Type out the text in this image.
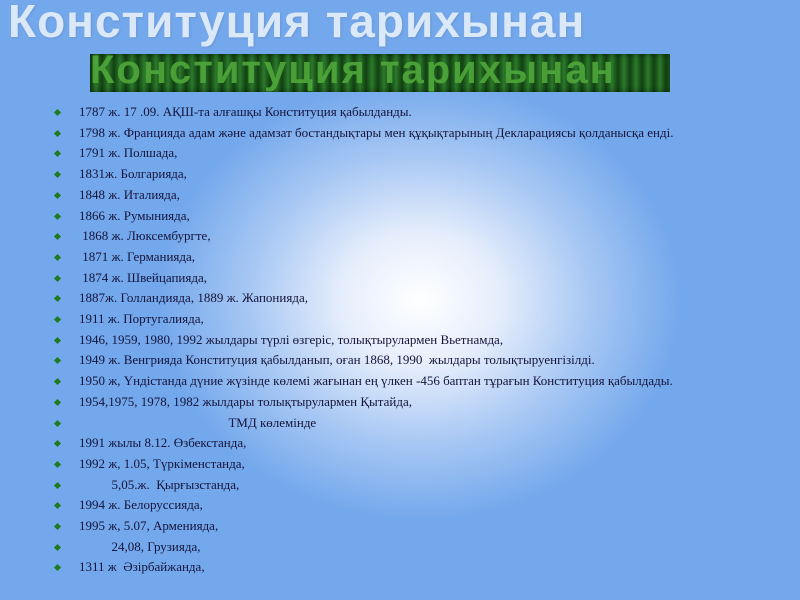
Конституция тарихынан
Конституция тарихынан
1787 ж. 17 .09. АҚШ-та алғашқы Конституция қабылданды.
1798 ж. Францияда адам және адамзат бостандықтары мен құқықтарының Декларациясы қолданысқа енді.
1791 ж. Полшада,
1831ж. Болгарияда,
1848 ж. Италияда,
1866 ж. Румынияда,
1868 ж. Люксембургте,
1871 ж. Германияда,
1874 ж. Швейцапияда,
1887ж. Голландияда, 1889 ж. Жапонияда,
1911 ж. Португалияда,
1946, 1959, 1980, 1992 жылдары түрлі өзгеріс, толықтырулармен Вьетнамда,
1949 ж. Венгрияда Конституция қабылданып, оған 1868, 1990  жылдары толықтыруенгізілді.
1950 ж, Үндістанда дүние жүзінде көлемі жағынан ең үлкен -456 баптан тұрағын Конституция қабылдады.
1954,1975, 1978, 1982 жылдары толықтырулармен Қытайда,
ТМД көлемінде
1991 жылы 8.12. Өзбекстанда,
1992 ж, 1.05, Түркіменстанда,
5,05.ж.  Қырғызстанда,
1994 ж. Белоруссияда,
1995 ж, 5.07, Арменияда,
24,08, Грузияда,
1311 ж  Әзірбайжанда,
